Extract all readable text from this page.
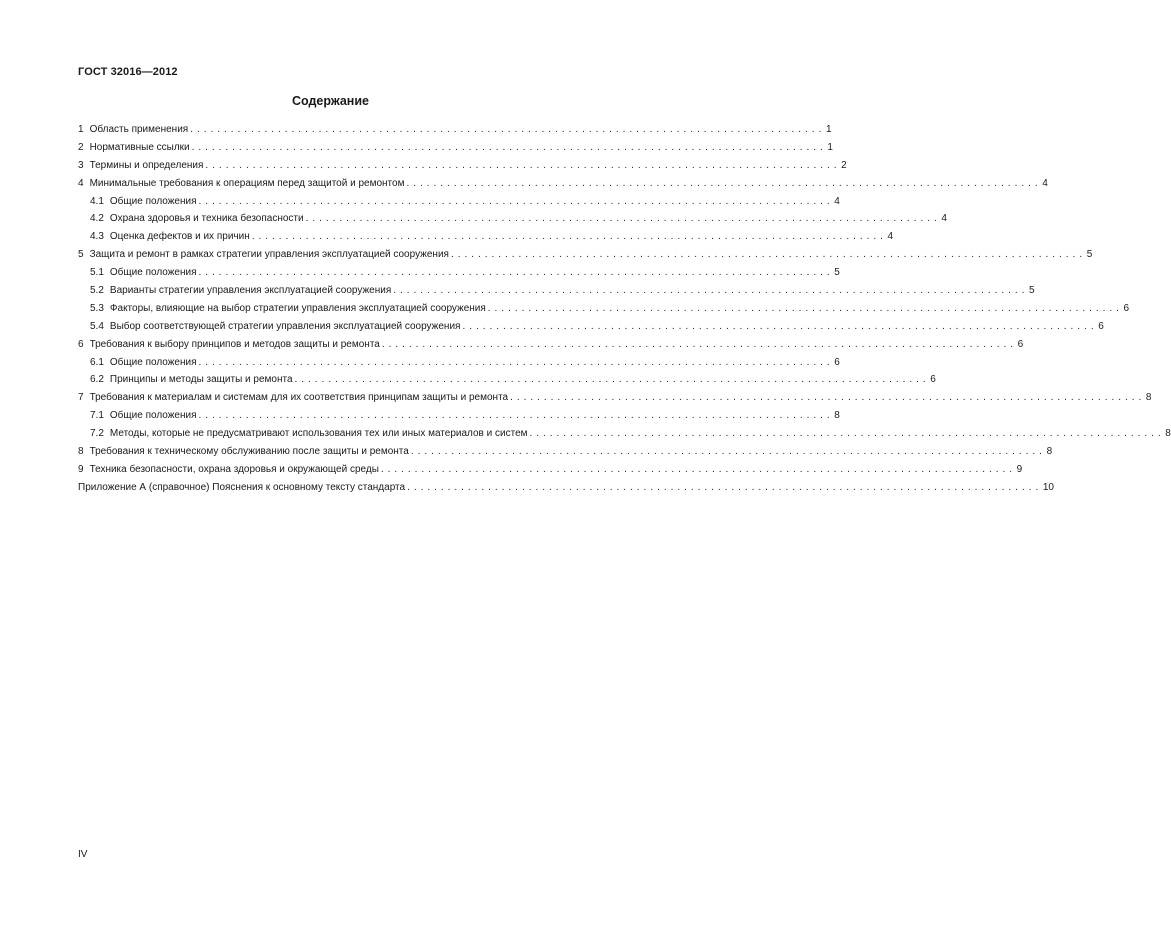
ГОСТ 32016—2012
Содержание
1 Область применения . . .	1
2 Нормативные ссылки . . .	1
3 Термины и определения . . .	2
4 Минимальные требования к операциям перед защитой и ремонтом . . .	4
4.1 Общие положения . . .	4
4.2 Охрана здоровья и техника безопасности . . .	4
4.3 Оценка дефектов и их причин . . .	4
5 Защита и ремонт в рамках стратегии управления эксплуатацией сооружения . . .	5
5.1 Общие положения . . .	5
5.2 Варианты стратегии управления эксплуатацией сооружения . . .	5
5.3 Факторы, влияющие на выбор стратегии управления эксплуатацией сооружения . . .	6
5.4 Выбор соответствующей стратегии управления эксплуатацией сооружения . . .	6
6 Требования к выбору принципов и методов защиты и ремонта . . .	6
6.1 Общие положения . . .	6
6.2 Принципы и методы защиты и ремонта . . .	6
7 Требования к материалам и системам для их соответствия принципам защиты и ремонта . . .	8
7.1 Общие положения . . .	8
7.2 Методы, которые не предусматривают использования тех или иных материалов и систем . . .	8
8 Требования к техническому обслуживанию после защиты и ремонта . . .	8
9 Техника безопасности, охрана здоровья и окружающей среды . . .	9
Приложение А (справочное) Пояснения к основному тексту стандарта . . .	10
IV
